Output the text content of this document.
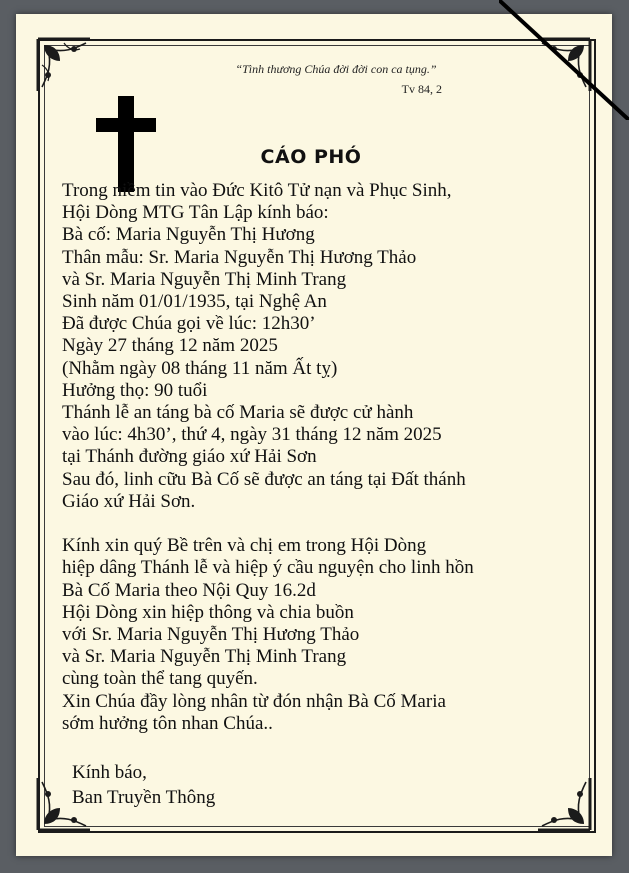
“Tình thương Chúa đời đời con ca tụng.”
Tv 84, 2
CÁO PHÓ
Trong niềm tin vào Đức Kitô Tử nạn và Phục Sinh,
Hội Dòng MTG Tân Lập kính báo:
Bà cố: Maria Nguyễn Thị Hương
Thân mẫu: Sr. Maria Nguyễn Thị Hương Thảo
và Sr. Maria Nguyễn Thị Minh Trang
Sinh năm 01/01/1935, tại Nghệ An
Đã được Chúa gọi về lúc: 12h30’
Ngày 27 tháng 12 năm 2025
(Nhằm ngày 08 tháng 11 năm Ất tỵ)
Hưởng thọ: 90 tuổi
Thánh lễ an táng bà cố Maria sẽ được cử hành
vào lúc: 4h30’, thứ 4, ngày 31 tháng 12 năm 2025
tại Thánh đường giáo xứ Hải Sơn
Sau đó, linh cữu Bà Cố sẽ được an táng tại Đất thánh
Giáo xứ Hải Sơn.
Kính xin quý Bề trên và chị em trong Hội Dòng
hiệp dâng Thánh lễ và hiệp ý cầu nguyện cho linh hồn
Bà Cố Maria theo Nội Quy 16.2d
Hội Dòng xin hiệp thông và chia buồn
với Sr. Maria Nguyễn Thị Hương Thảo
và Sr. Maria Nguyễn Thị Minh Trang
cùng toàn thể tang quyến.
Xin Chúa đầy lòng nhân từ đón nhận Bà Cố Maria
sớm hưởng tôn nhan Chúa..
Kính báo,
Ban Truyền Thông
